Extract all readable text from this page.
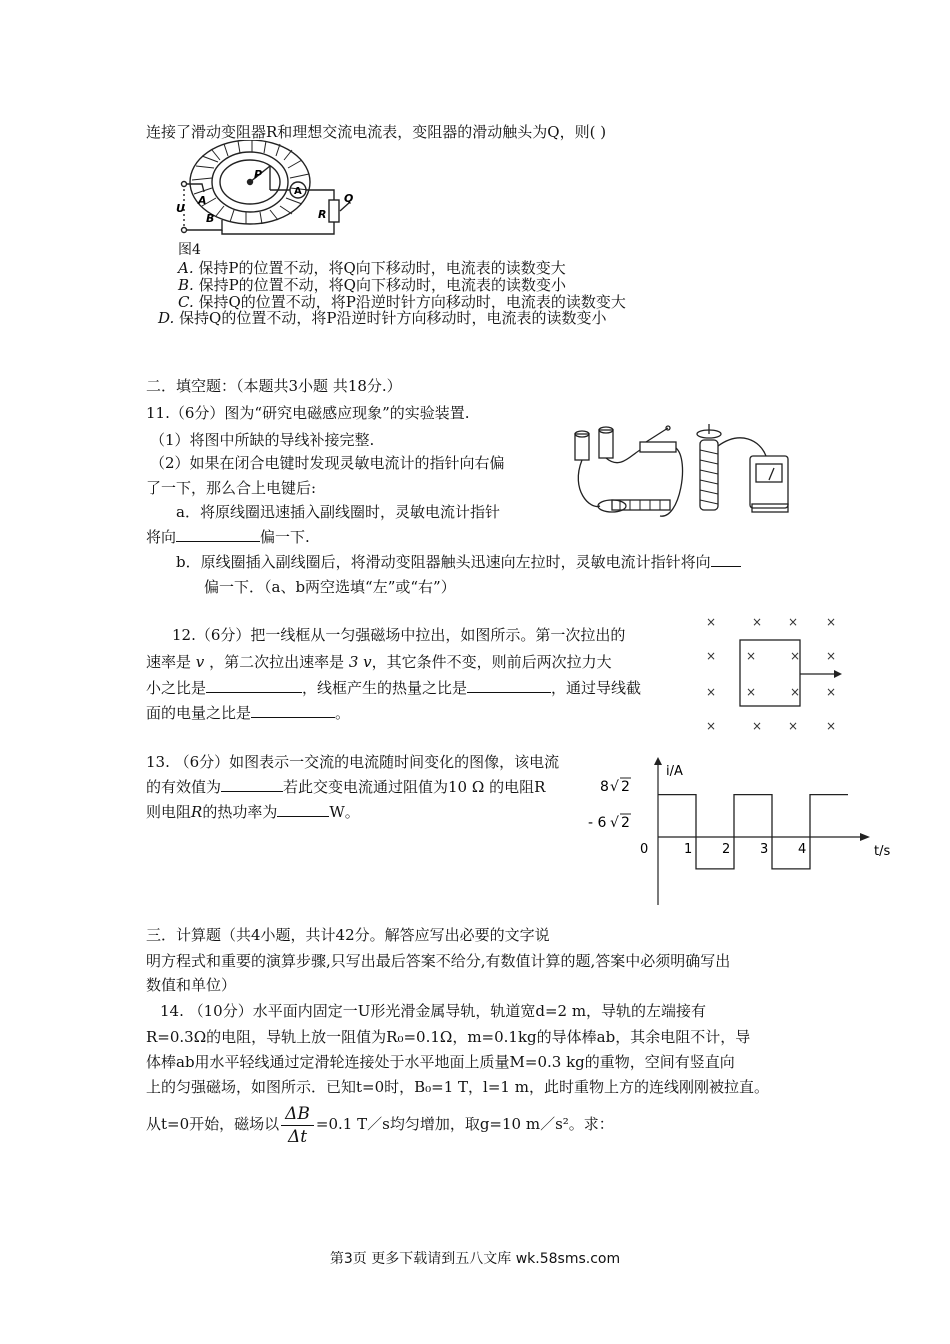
连接了滑动变阻器R和理想交流电流表，变阻器的滑动触头为Q，则( )
A
P
U
A
B	R
Q
图4
A. 保持P的位置不动，将Q向下移动时，电流表的读数变大
B. 保持P的位置不动，将Q向下移动时，电流表的读数变小
C. 保持Q的位置不动，将P沿逆时针方向移动时，电流表的读数变大
D. 保持Q的位置不动，将P沿逆时针方向移动时，电流表的读数变小
二．填空题：（本题共3小题 共18分.）
11.（6分）图为“研究电磁感应现象”的实验装置.
（1）将图中所缺的导线补接完整.
（2）如果在闭合电键时发现灵敏电流计的指针向右偏
了一下，那么合上电键后:
a．将原线圈迅速插入副线圈时，灵敏电流计指针
将向	偏一下.
b．原线圈插入副线圈后，将滑动变阻器触头迅速向左拉时，灵敏电流计指针将向
偏一下．（a、b两空选填“左”或“右”）
12.（6分）把一线框从一匀强磁场中拉出，如图所示。第一次拉出的
速率是 v ，第二次拉出速率是 3 v，其它条件不变，则前后两次拉力大
小之比是	，线框产生的热量之比是	，通过导线截
面的电量之比是	。
×	× × ×
×	×
×	×
×	× × ×
×	×
×	×
13. （6分）如图表示一交流的电流随时间变化的图像，该电流
的有效值为	若此交变电流通过阻值为10 Ω 的电阻R
则电阻R的热功率为	W。
i/A
t/s
0
8 √ 2
- 6 √ 2
1 2 3 4
三．计算题（共4小题，共计42分。解答应写出必要的文字说
明方程式和重要的演算步骤,只写出最后答案不给分,有数值计算的题,答案中必须明确写出
数值和单位）
14. （10分）水平面内固定一U形光滑金属导轨，轨道宽d=2 m，导轨的左端接有
R=0.3Ω的电阻，导轨上放一阻值为R₀=0.1Ω，m=0.1kg的导体棒ab，其余电阻不计，导
体棒ab用水平轻线通过定滑轮连接处于水平地面上质量M=0.3 kg的重物，空间有竖直向
上的匀强磁场，如图所示．已知t=0时，B₀=1 T，l=1 m，此时重物上方的连线刚刚被拉直。
从t=0开始，磁场以 $\frac{\Delta B}{\Delta t} =0.1$ T／s均匀增加，取g=10 m／s²。求：
第3页 更多下载请到五八文库 wk.58sms.com
